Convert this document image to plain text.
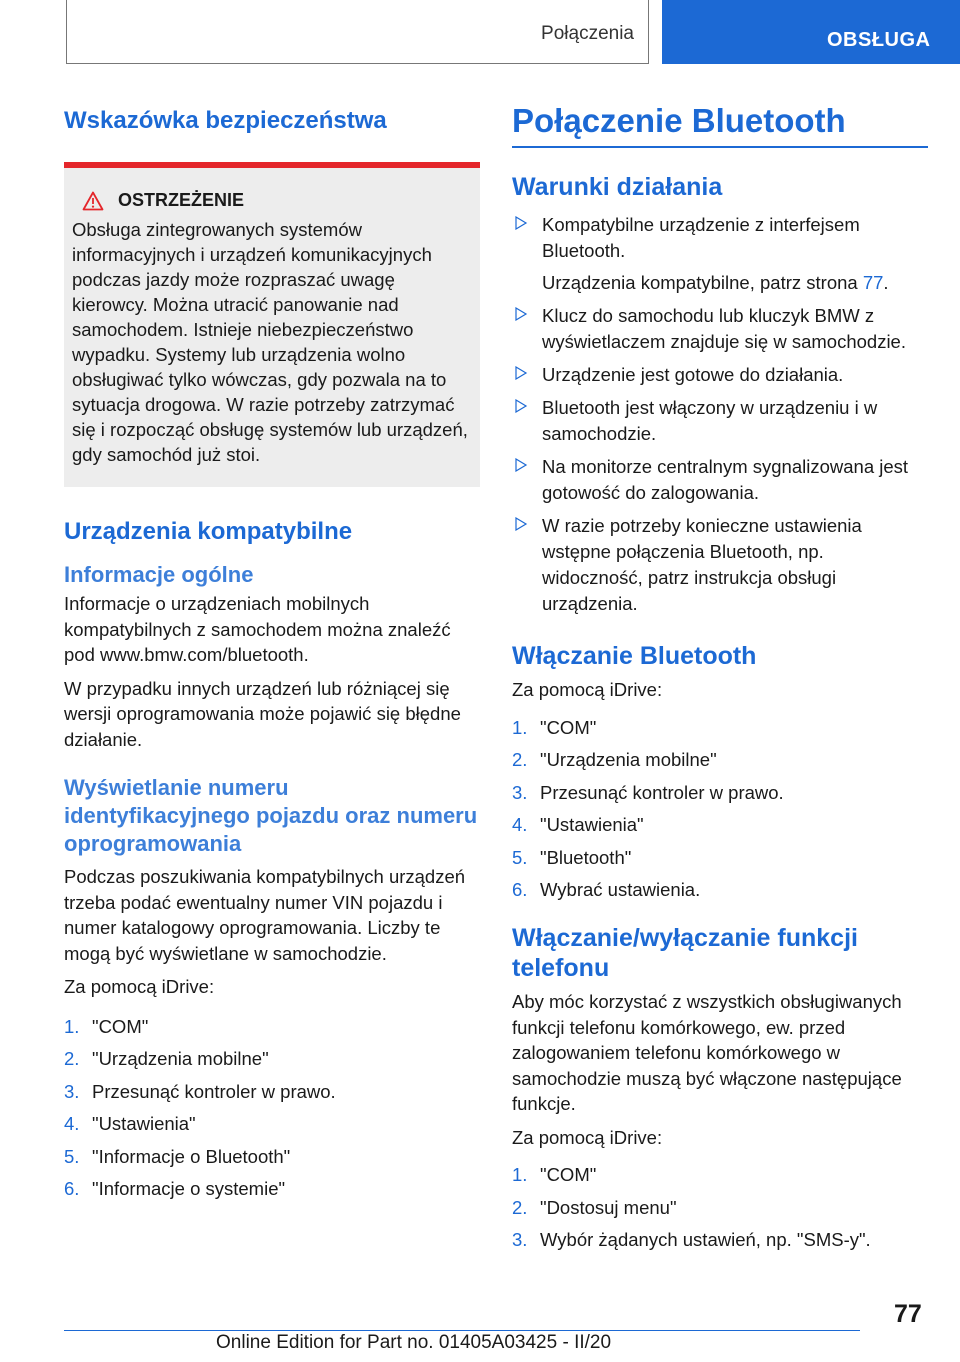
Połączenia	OBSŁUGA
Wskazówka bezpieczeństwa
OSTRZEŻENIE

Obsługa zintegrowanych systemów informacyjnych i urządzeń komunikacyjnych podczas jazdy może rozpraszać uwagę kierowcy. Można utracić panowanie nad samochodem. Istnieje niebezpieczeństwo wypadku. Systemy lub urządzenia wolno obsługiwać tylko wówczas, gdy pozwala na to sytuacja drogowa. W razie potrzeby zatrzymać się i rozpocząć obsługę systemów lub urządzeń, gdy samochód już stoi.

Urządzenia kompatybilne
Informacje ogólne

Informacje o urządzeniach mobilnych kompatybilnych z samochodem można znaleźć pod www.bmw.com/bluetooth.

W przypadku innych urządzeń lub różniącej się wersji oprogramowania może pojawić się błędne działanie.

Wyświetlanie numeru identyfikacyjnego pojazdu oraz numeru oprogramowania

Podczas poszukiwania kompatybilnych urządzeń trzeba podać ewentualny numer VIN pojazdu i numer katalogowy oprogramowania. Liczby te mogą być wyświetlane w samochodzie.

Za pomocą iDrive:

1. "COM"
2. "Urządzenia mobilne"
3. Przesunąć kontroler w prawo.
4. "Ustawienia"
5. "Informacje o Bluetooth"
6. "Informacje o systemie"
Połączenie Bluetooth
Warunki działania
Kompatybilne urządzenie z interfejsem Bluetooth.
Urządzenia kompatybilne, patrz strona 77.
Klucz do samochodu lub kluczyk BMW z wyświetlaczem znajduje się w samochodzie.
Urządzenie jest gotowe do działania.
Bluetooth jest włączony w urządzeniu i w samochodzie.
Na monitorze centralnym sygnalizowana jest gotowość do zalogowania.
W razie potrzeby konieczne ustawienia wstępne połączenia Bluetooth, np. widoczność, patrz instrukcja obsługi urządzenia.
Włączanie Bluetooth

Za pomocą iDrive:

1. "COM"
2. "Urządzenia mobilne"
3. Przesunąć kontroler w prawo.
4. "Ustawienia"
5. "Bluetooth"
6. Wybrać ustawienia.
Włączanie/wyłączanie funkcji telefonu

Aby móc korzystać z wszystkich obsługiwanych funkcji telefonu komórkowego, ew. przed zalogowaniem telefonu komórkowego w samochodzie muszą być włączone następujące funkcje.

Za pomocą iDrive:

1. "COM"
2. "Dostosuj menu"
3. Wybór żądanych ustawień, np. "SMS-y".
77
Online Edition for Part no. 01405A03425 - II/20
